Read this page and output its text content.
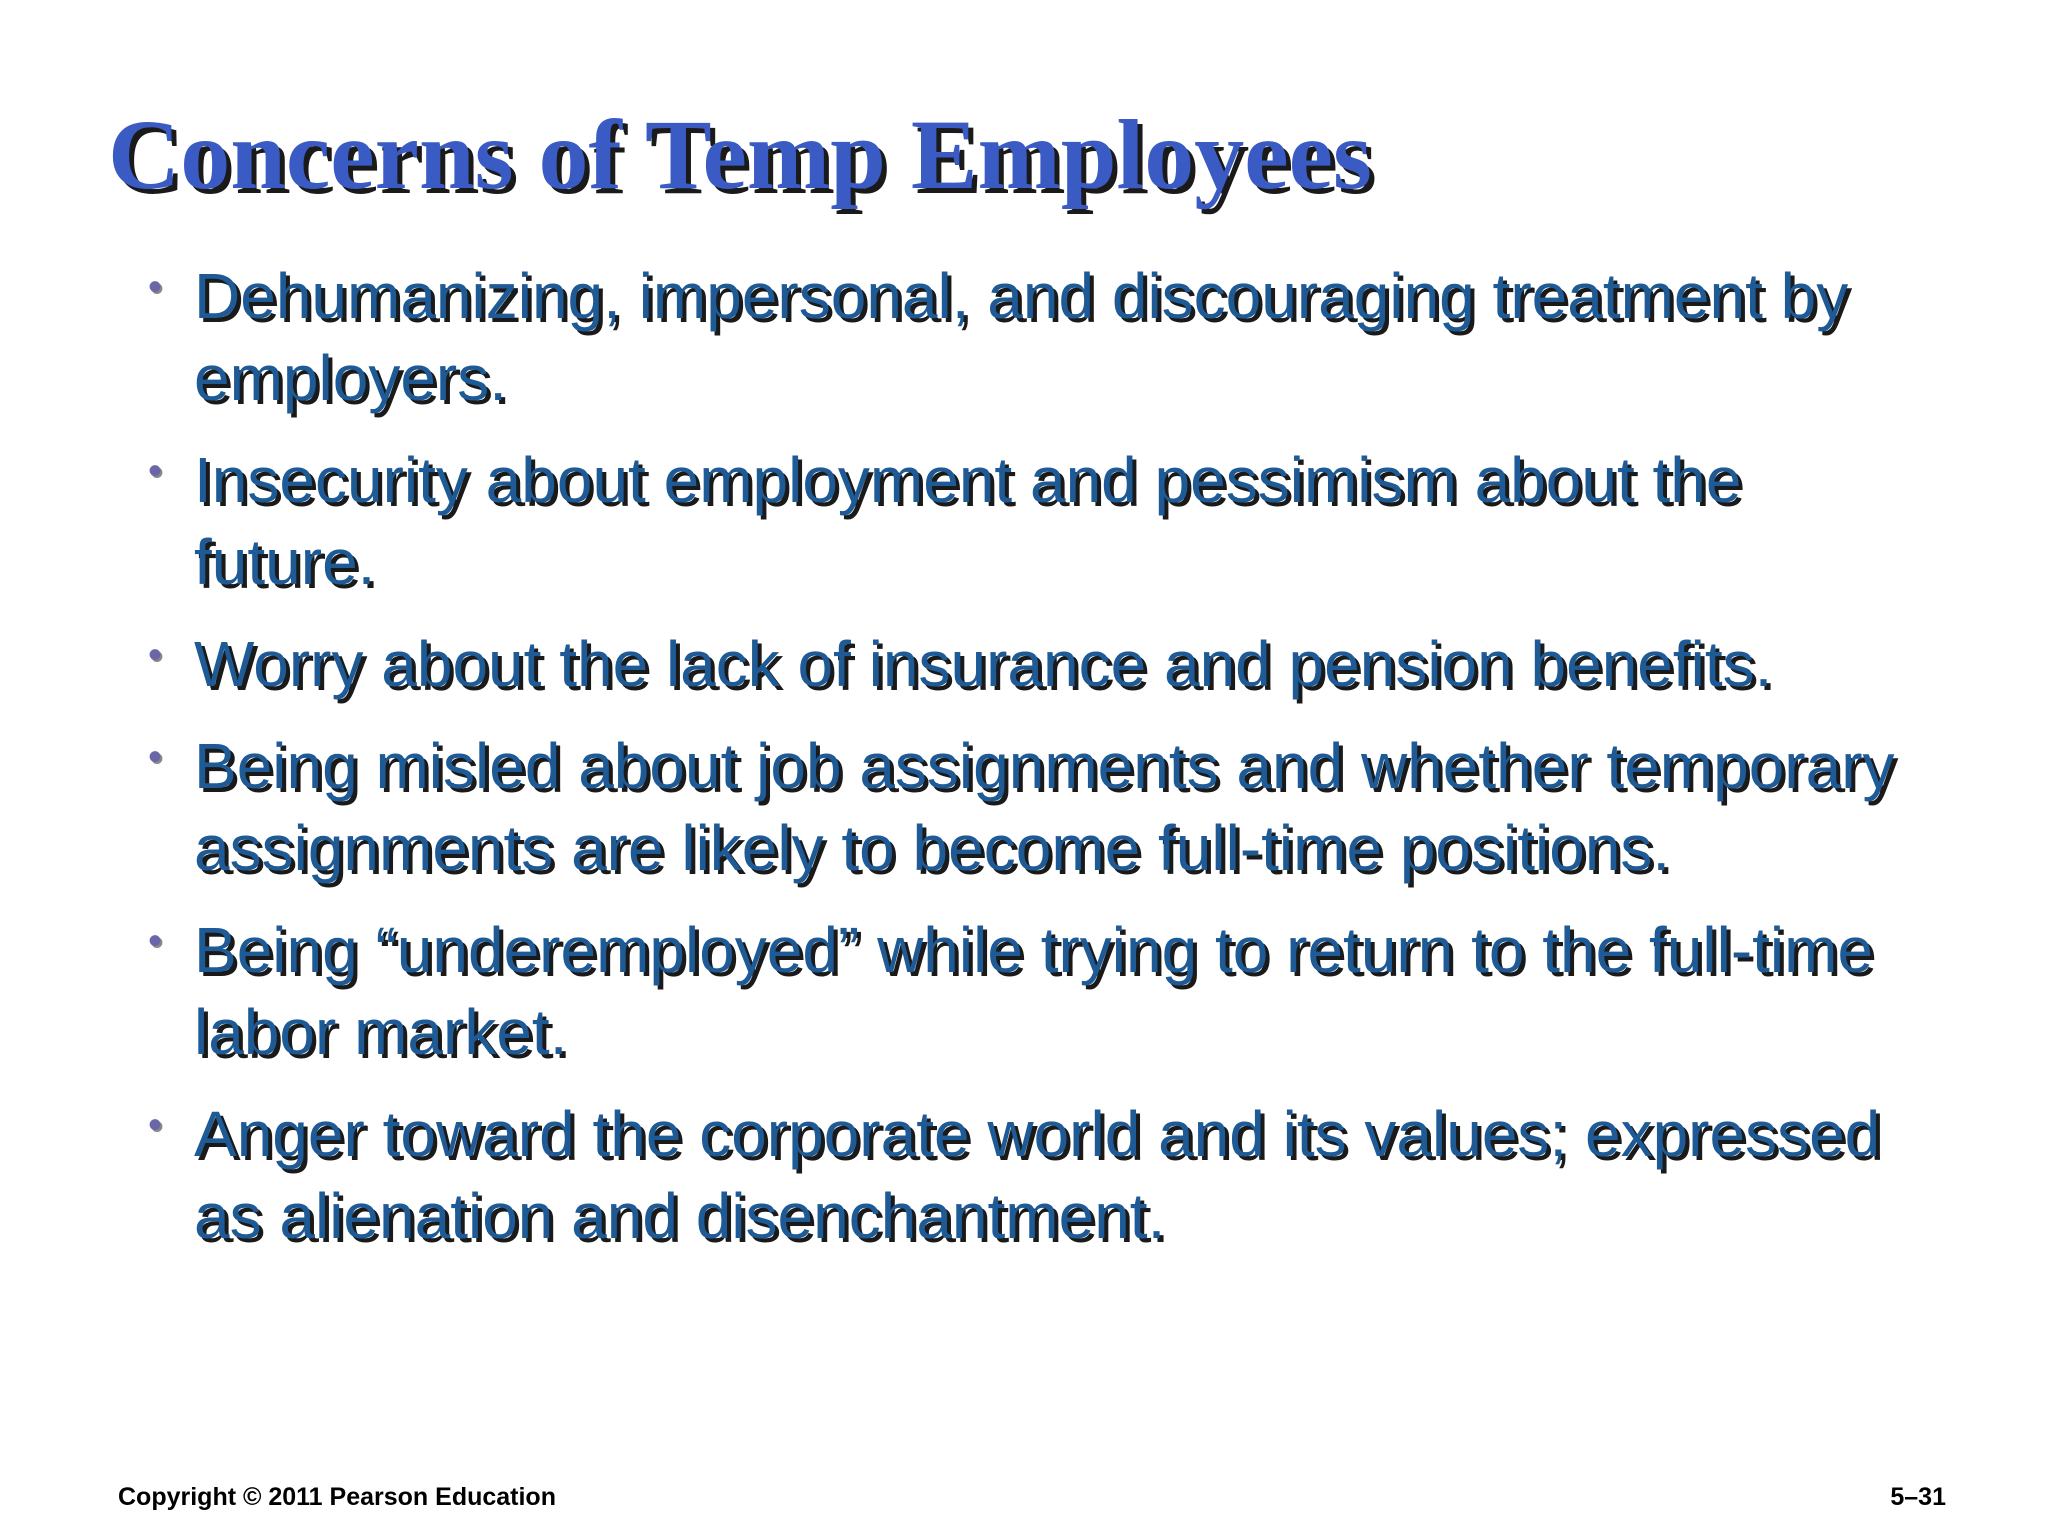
Concerns of Temp Employees
• Dehumanizing, impersonal, and discouraging treatment by employers.
• Insecurity about employment and pessimism about the future.
• Worry about the lack of insurance and pension benefits.
• Being misled about job assignments and whether temporary assignments are likely to become full-time positions.
• Being “underemployed” while trying to return to the full-time labor market.
• Anger toward the corporate world and its values; expressed as alienation and disenchantment.
Copyright © 2011 Pearson Education	5–31
